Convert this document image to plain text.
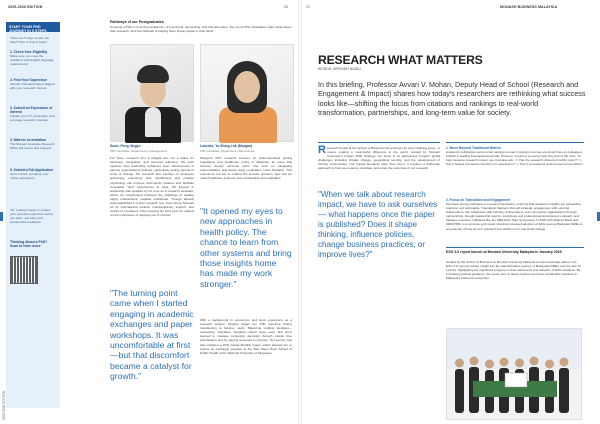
2025-2026 EDITION	20	21	MONASH BUSINESS MALAYSIA
2025-2026 EDITION

There are 5 ways to take the leap? Here is how to begin:

1. Check Your Eligibility

Make sure you meet the academic and English language requirements.

2. Find Your Supervisor

Identify a Monash expert aligned with your research interest.

3. Submit an Expression of Interest

Include your CV, transcripts, and a 4-page research proposal.

4. Wait for an Invitation

The Monash Graduate Research Office will review and respond.

5. Submit a Full Application

Once invited, complete your online submission.

Tip: It always helps to contact your potential supervisor before you start - get early and constructive feedback!

Thinking About a PhD? Scan to learn more
START YOUR PHD JOURNEY IN 5 STEPS
Pathways of our Postgraduates
Pursuing a PhD is more than academic—it's personal, demanding, and transformative. Two of our PhD candidates share what drives their research, and how Monash is helping them shape impact in their fields.
Soon, Fong Jingyu
PhD Candidate, Department of Management
For Soon, research isn't a straight line—it's a space for discovery, integration, and personal reflection. His work explores how leadership enhances team effectiveness in various organisational settings, particularly during periods of crisis or change. His research also touches on employee well-being, examining how mindfulness and positive psychology can improve work-family balance and facilitate renewable "flow" experiences at work. His interest in leadership was sparked by his time as a research assistant, where he experienced firsthand the challenge of leading highly independent, capable individuals. Though already well-established in a prior research role, Soon chose Monash for its international outlook, interdisciplinary support, and culture of excellence. Now entering his third year, he reflects on the importance of stepping out of comfort.
"The turning point came when I started engaging in academic exchanges and paper workshops. It was uncomfortable at first—but that discomfort became a catalyst for growth."
Lourdes, Yu Shing Lok (Morgan)
PhD Candidate, Department of Economics
Morgan's PhD research focuses on pharmaceutical pricing regulations and healthcare policy in Malaysia, an issue that became deeply personal when she took on navigating responsibilities and faced rising medication costs firsthand. This experience led her to explore the broader question: how can we make healthcare systems more sustainable and equitable?
"It opened my eyes to new approaches in health policy. The chance to learn from other systems and bring those insights home has made my work stronger."
With a background in economics and work experience as a research analyst, Morgan began her PhD part-time before transitioning to full-time study. Balancing multiple identities—researcher, caretaker, daughter—hasn't been easy. But she's learned to manage competing demands through careful time prioritisation and by staying grounded in purpose. Her journey has also included a PhD Global Mobility Grant, which allowed her to pursue an exchange program at the Saw Swee Hock School of Public Health at the National University of Singapore.
RESEARCH WHAT MATTERS
WORDS: ARVINDH NAIDU
In this briefing, Professor Avvari V. Mohan, Deputy Head of School (Research and Engagement & Impact) shares how today's researchers are rethinking what success looks like—shifting the focus from citations and rankings to real-world transformation, partnerships, and long-term value for society.
Research impact at the School of Business has evolved into a key defining piece—it means making a meaningful difference in the world. Guided by Monash University's Impact 2030 Strategy, our focus is on addressing complex global challenges including climate change, geopolitical security, and the development of thriving communities. Our impact demands more than intent. It requires a deliberate approach to how we measure, translate, and scale the outcomes of our research.
"When we talk about research impact, we have to ask ourselves — what happens once the paper is published? Does it shape thinking, influence policies, change business practices, or improve lives?"
1. Move Beyond Traditional Metrics
Academic publications and journal rankings remain important, and we are proud that our colleagues publish in leading international journals. However, impact is a journey fully only part of the story. To help measure research impact, we must also ask: >> Has the research influenced public policy? >> Has it helped a business transform its operations? >> Has it empowered underserved communities?
2. Focus on Translation and Engagement
We place strong emphasis on research translation, ensuring that academic insights are accessible, practical, and actionable. Translation happens through strategic engagement with external stakeholders. We collaborate with industry, policymakers, and community organisations through partnerships, thought leadership reports, workshops and professional development outreach, and dialogue sessions. Initiatives like the SME ESG Start Symposium in 2025 with Alliance Bank and MIDAPNM, is a concrete joint report showing increased adoption of ESG among Malaysian SMEs is an example of how we turn research into platforms for real-world change.
ESG 3.0 report launch at Monash University Malaysia in January 2025
Guided by the School of Business at Monash University Malaysia as the knowledge partner, the ESG 3.0 report provides insight into the transformative journey of Malaysian SMEs over the last 12 months, highlighting the significant progress in their awareness and adoption of ESG practices. By providing practical guidance, the report aims to shape policies and drive sustainable practices in Malaysia's business ecosystem.
